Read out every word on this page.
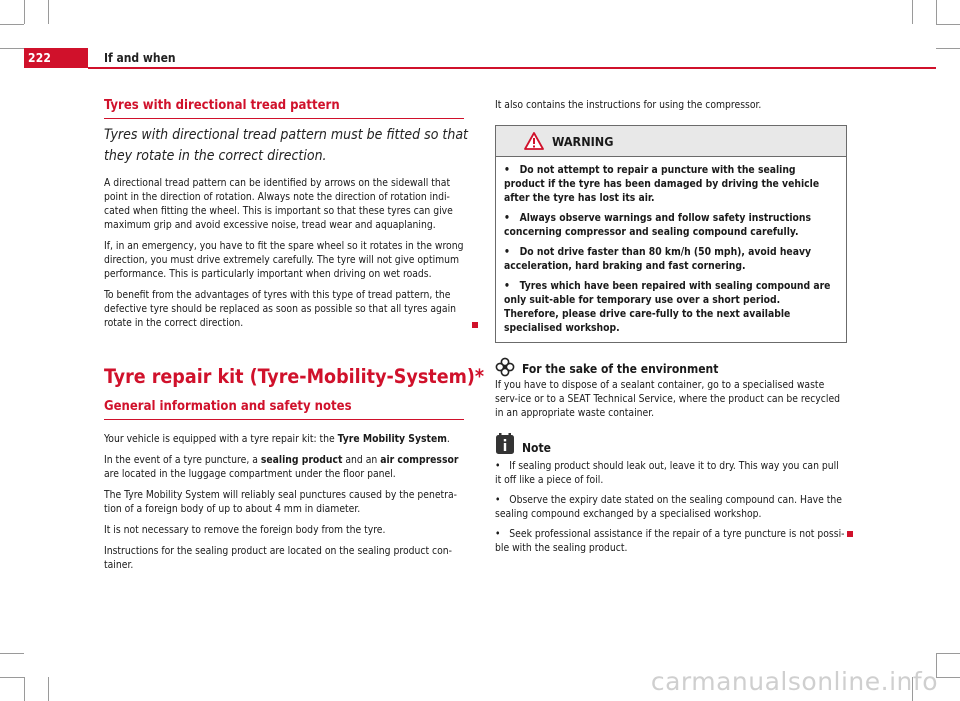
222	If and when
Tyres with directional tread pattern
Tyres with directional tread pattern must be fitted so that
they rotate in the correct direction.

A directional tread pattern can be identified by arrows on the sidewall that point in the direction of rotation. Always note the direction of rotation indi-cated when fitting the wheel. This is important so that these tyres can give maximum grip and avoid excessive noise, tread wear and aquaplaning.

If, in an emergency, you have to fit the spare wheel so it rotates in the wrong direction, you must drive extremely carefully. The tyre will not give optimum performance. This is particularly important when driving on wet roads.

To benefit from the advantages of tyres with this type of tread pattern, the defective tyre should be replaced as soon as possible so that all tyres again rotate in the correct direction.

Tyre repair kit (Tyre-Mobility-System)*
General information and safety notes

Your vehicle is equipped with a tyre repair kit: the Tyre Mobility System.

In the event of a tyre puncture, a sealing product and an air compressor are located in the luggage compartment under the floor panel.

The Tyre Mobility System will reliably seal punctures caused by the penetra-tion of a foreign body of up to about 4 mm in diameter.

It is not necessary to remove the foreign body from the tyre.

Instructions for the sealing product are located on the sealing product con-tainer.

It also contains the instructions for using the compressor.

WARNING
•   Do not attempt to repair a puncture with the sealing product if the tyre has been damaged by driving the vehicle after the tyre has lost its air.
•   Always observe warnings and follow safety instructions concerning compressor and sealing compound carefully.
•   Do not drive faster than 80 km/h (50 mph), avoid heavy acceleration, hard braking and fast cornering.
•   Tyres which have been repaired with sealing compound are only suit-able for temporary use over a short period. Therefore, please drive care-fully to the next available specialised workshop.
For the sake of the environment

If you have to dispose of a sealant container, go to a specialised waste serv-ice or to a SEAT Technical Service, where the product can be recycled in an appropriate waste container.

Note
•   If sealing product should leak out, leave it to dry. This way you can pull it off like a piece of foil.
•   Observe the expiry date stated on the sealing compound can. Have the sealing compound exchanged by a specialised workshop.
•   Seek professional assistance if the repair of a tyre puncture is not possi-ble with the sealing product.
carmanualsonline.info
